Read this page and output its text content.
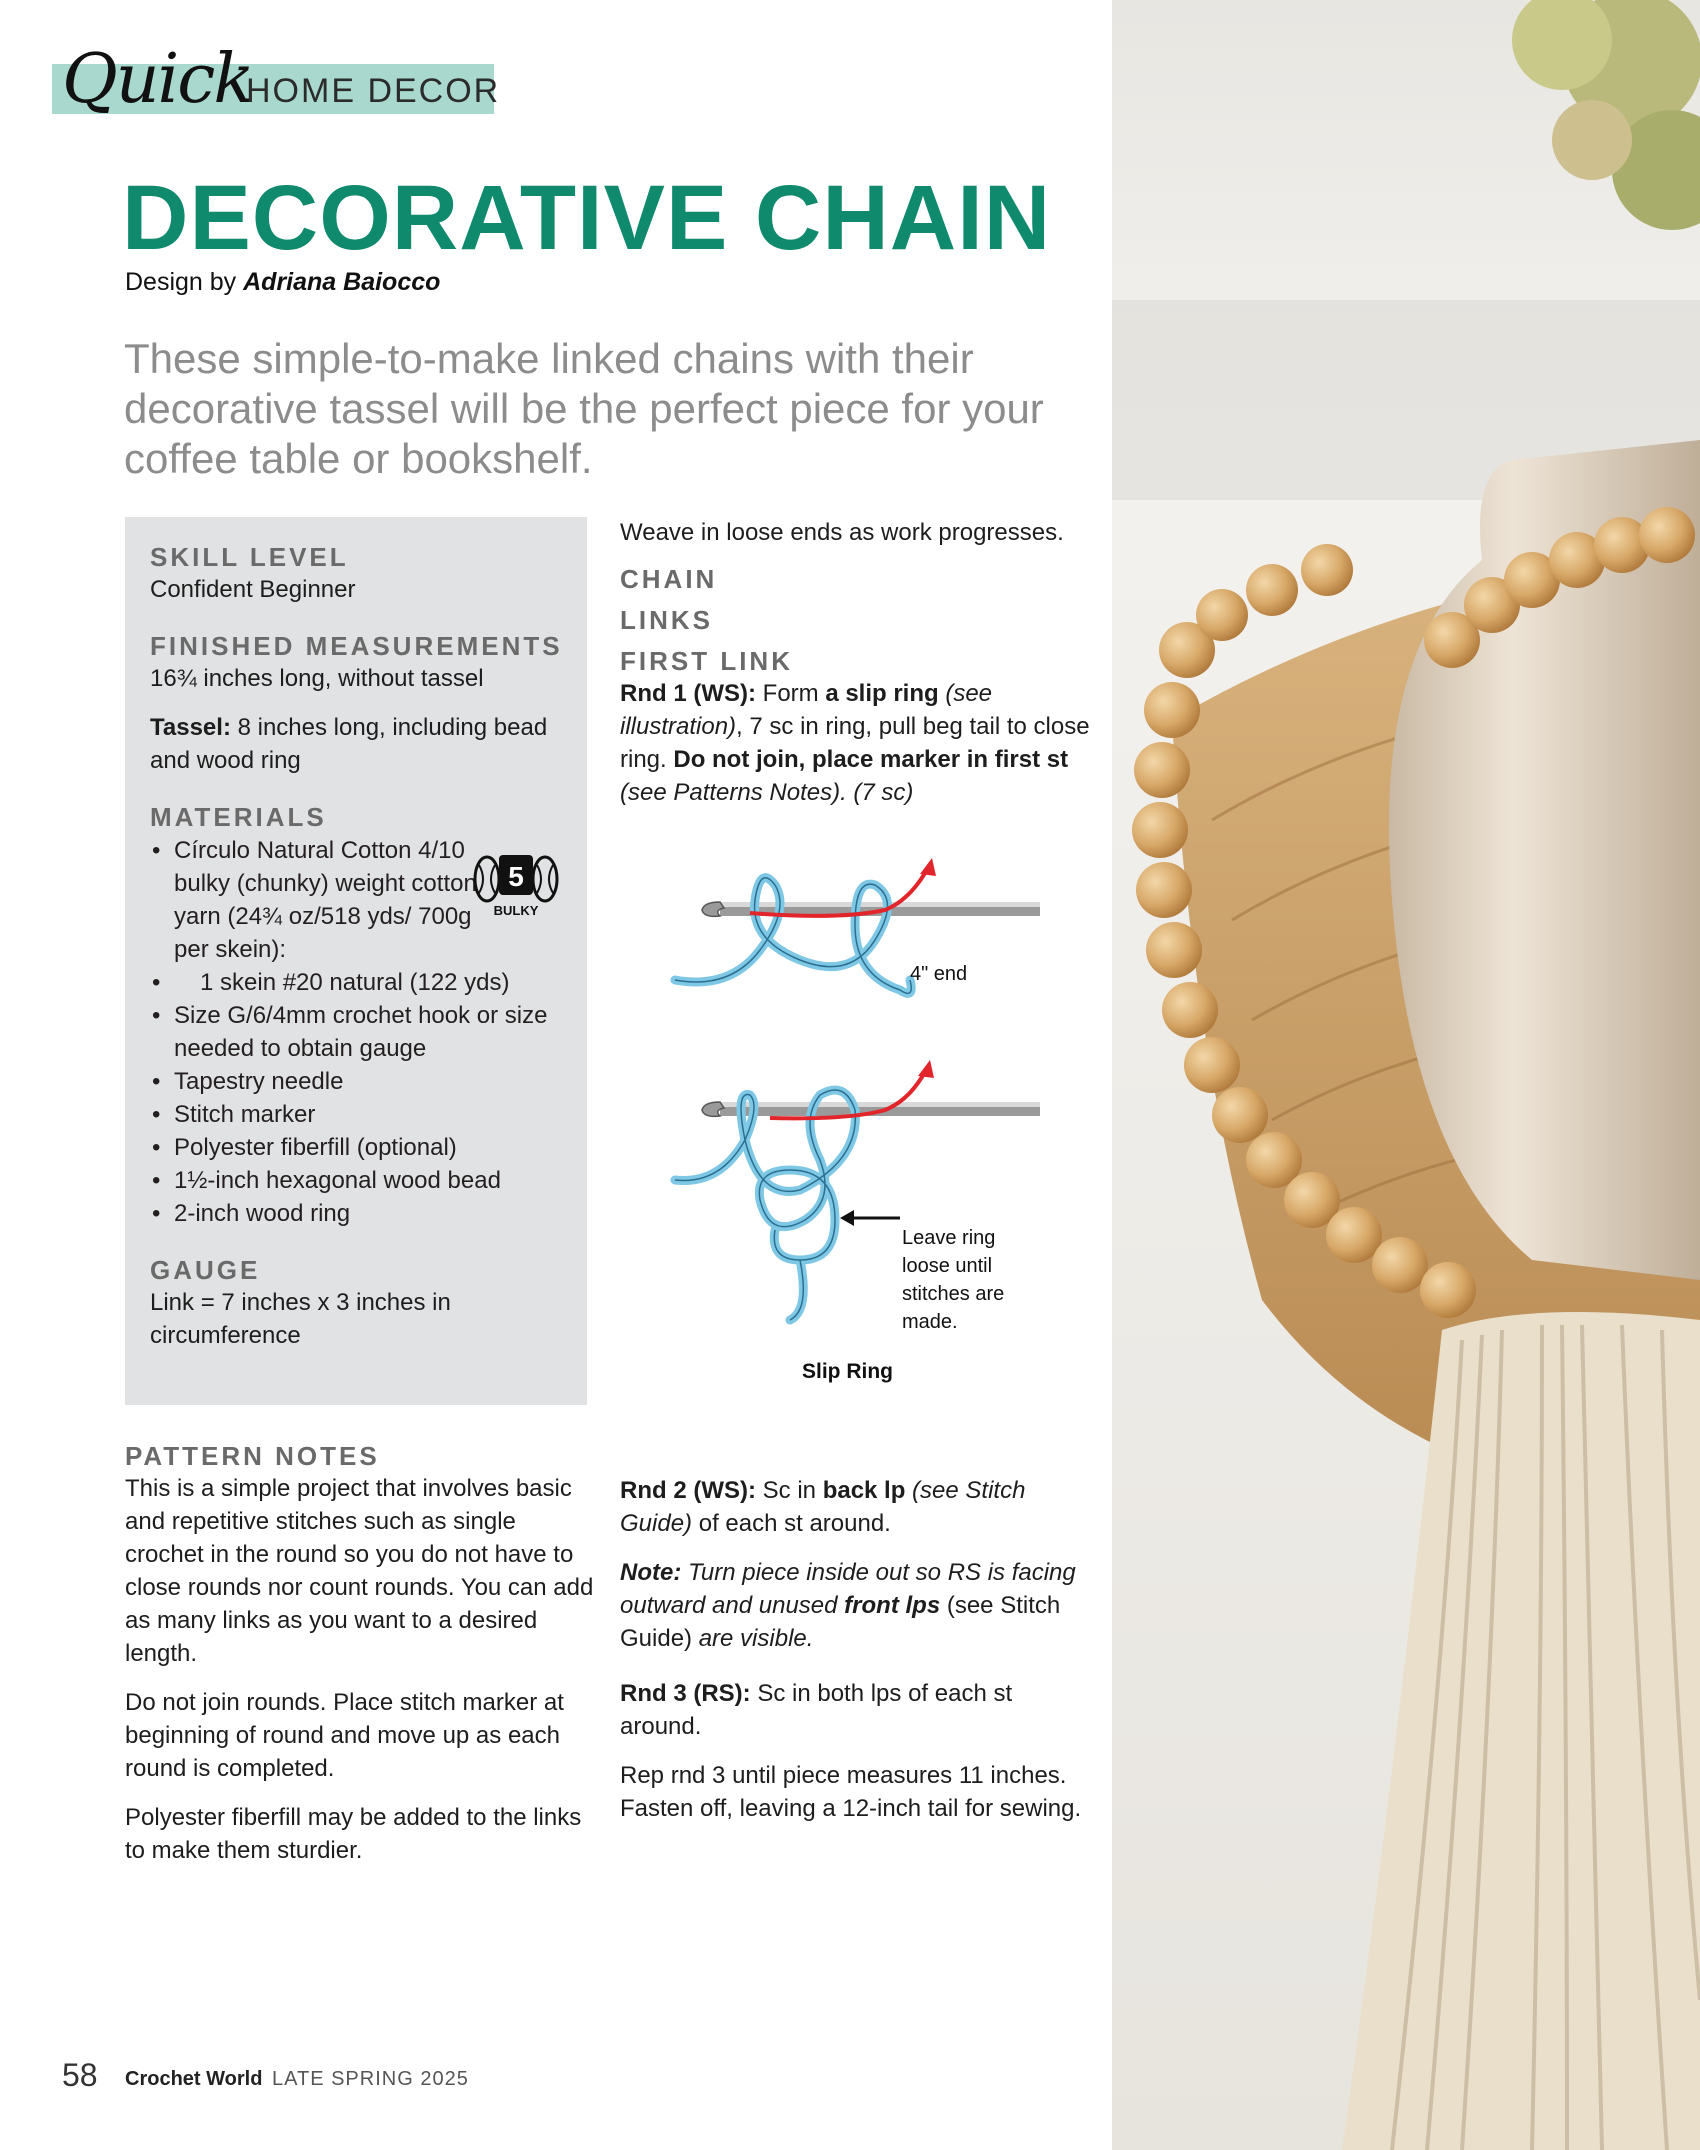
Quick
HOME DECOR
DECORATIVE CHAIN
Design by Adriana Baiocco

These simple-to-make linked chains with their decorative tassel will be the perfect piece for your coffee table or bookshelf.

SKILL LEVEL
Confident Beginner
FINISHED MEASUREMENTS
16¾ inches long, without tassel
Tassel: 8 inches long, including bead and wood ring
MATERIALS
• Círculo Natural Cotton 4/10 bulky (chunky) weight cotton yarn (24¾ oz/518 yds/ 700g per skein):
• 1 skein #20 natural (122 yds)
• Size G/6/4mm crochet hook or size needed to obtain gauge
• Tapestry needle
• Stitch marker
• Polyester fiberfill (optional)
• 1½-inch hexagonal wood bead
• 2-inch wood ring
GAUGE
Link = 7 inches x 3 inches in circumference
5
BULKY
PATTERN NOTES
This is a simple project that involves basic and repetitive stitches such as single crochet in the round so you do not have to close rounds nor count rounds. You can add as many links as you want to a desired length.
Do not join rounds. Place stitch marker at beginning of round and move up as each round is completed.
Polyester fiberfill may be added to the links to make them sturdier.
Weave in loose ends as work progresses.
CHAIN
LINKS
FIRST LINK
Rnd 1 (WS): Form a slip ring (see illustration), 7 sc in ring, pull beg tail to close ring. Do not join, place marker in first st (see Patterns Notes). (7 sc)
4" end
Leave ring
loose until
stitches are
made.
Slip Ring
Rnd 2 (WS): Sc in back lp (see Stitch Guide) of each st around.
Note: Turn piece inside out so RS is facing outward and unused front lps (see Stitch Guide) are visible.
Rnd 3 (RS): Sc in both lps of each st around.
Rep rnd 3 until piece measures 11 inches. Fasten off, leaving a 12-inch tail for sewing.
58 Crochet World LATE SPRING 2025
